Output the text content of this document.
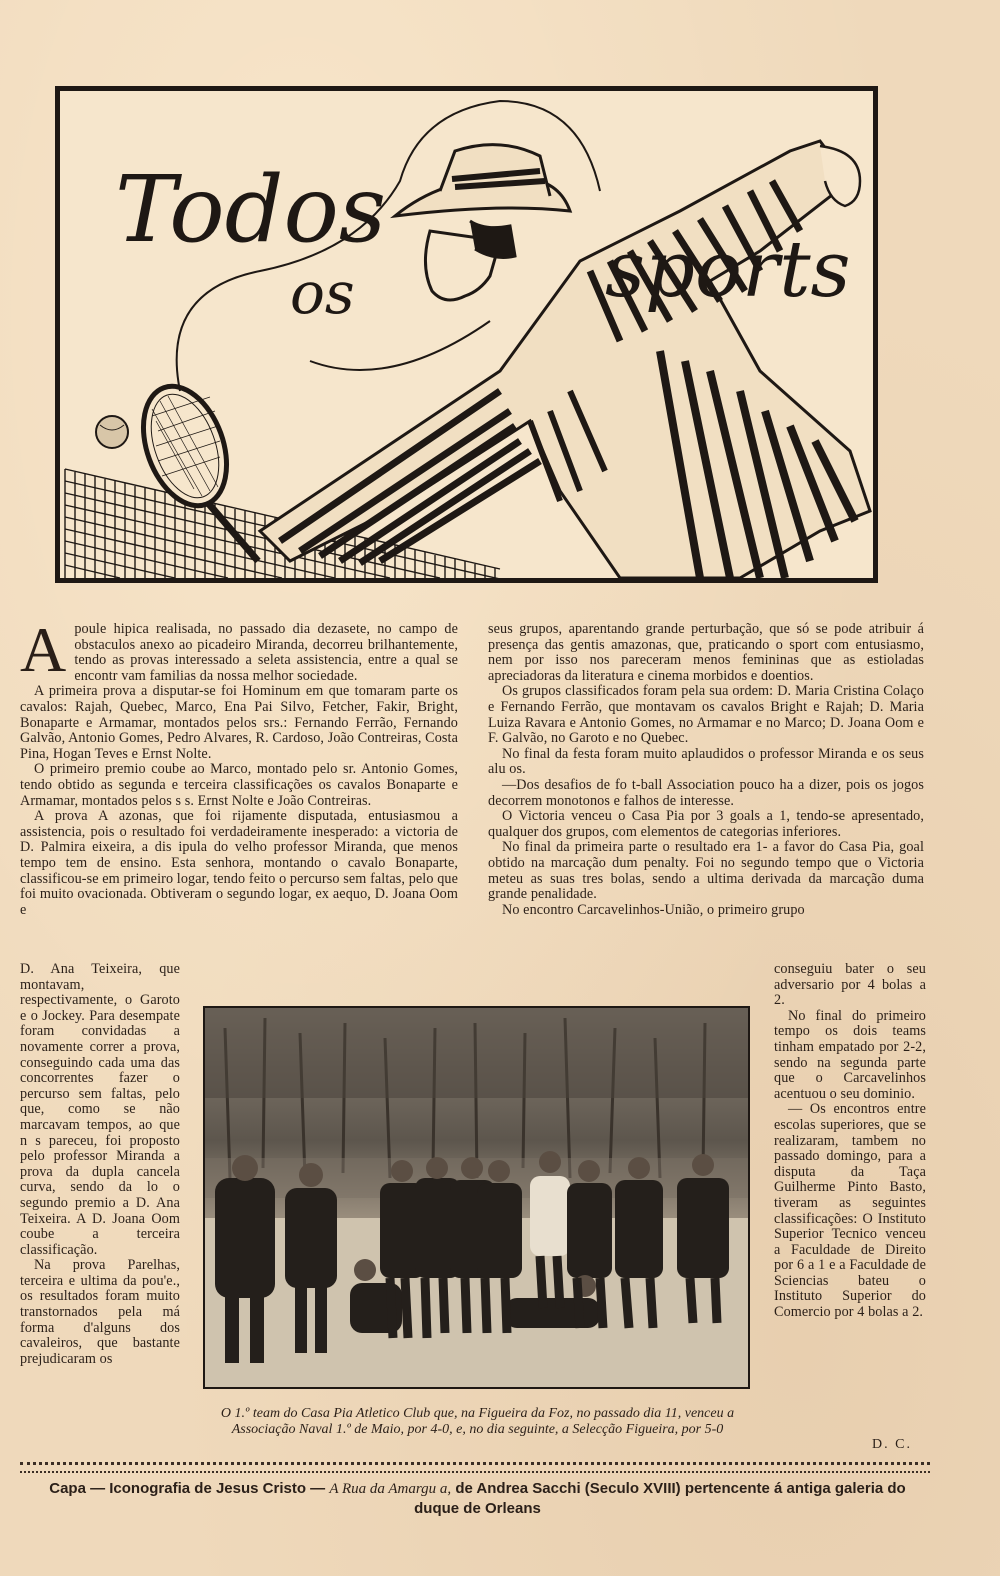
Todos
os	sports
A poule hipica realisada, no passado dia dezasete, no campo de obstaculos anexo ao picadeiro Miranda, decorreu brilhantemente, tendo as provas interessado a seleta assistencia, entre a qual se encontr vam familias da nossa melhor sociedade.

A primeira prova a disputar-se foi Hominum em que tomaram parte os cavalos: Rajah, Quebec, Marco, Ena Pai Silvo, Fetcher, Fakir, Bright, Bonaparte e Armamar, montados pelos srs.: Fernando Ferrão, Fernando Galvão, Antonio Gomes, Pedro Alvares, R. Cardoso, João Contreiras, Costa Pina, Hogan Teves e Ernst Nolte.

O primeiro premio coube ao Marco, montado pelo sr. Antonio Gomes, tendo obtido as segunda e terceira classificações os cavalos Bonaparte e Armamar, montados pelos s s. Ernst Nolte e João Contreiras.

A prova A azonas, que foi rijamente disputada, entusiasmou a assistencia, pois o resultado foi verdadeiramente inesperado: a victoria de D. Palmira eixeira, a dis ipula do velho professor Miranda, que menos tempo tem de ensino. Esta senhora, montando o cavalo Bonaparte, classificou-se em primeiro logar, tendo feito o percurso sem faltas, pelo que foi muito ovacionada. Obtiveram o segundo logar, ex aequo, D. Joana Oom e

seus grupos, aparentando grande perturbação, que só se pode atribuir á presença das gentis amazonas, que, praticando o sport com entusiasmo, nem por isso nos pareceram menos femininas que as estioladas apreciadoras da literatura e cinema morbidos e doentios.

Os grupos classificados foram pela sua ordem: D. Maria Cristina Colaço e Fernando Ferrão, que montavam os cavalos Bright e Rajah; D. Maria Luiza Ravara e Antonio Gomes, no Armamar e no Marco; D. Joana Oom e F. Galvão, no Garoto e no Quebec.

No final da festa foram muito aplaudidos o professor Miranda e os seus alu os.

—Dos desafios de fo t-ball Association pouco ha a dizer, pois os jogos decorrem monotonos e falhos de interesse.

O Victoria venceu o Casa Pia por 3 goals a 1, tendo-se apresentado, qualquer dos grupos, com elementos de categorias inferiores.

No final da primeira parte o resultado era 1- a favor do Casa Pia, goal obtido na marcação dum penalty. Foi no segundo tempo que o Victoria meteu as suas tres bolas, sendo a ultima derivada da marcação duma grande penalidade.

No encontro Carcavelinhos-União, o primeiro grupo

D. Ana Teixeira, que montavam, respectivamente, o Garoto e o Jockey. Para desempate foram convidadas a novamente correr a prova, conseguindo cada uma das concorrentes fazer o percurso sem faltas, pelo que, como se não marcavam tempos, ao que n s pareceu, foi proposto pelo professor Miranda a prova da dupla cancela curva, sendo da lo o segundo premio a D. Ana Teixeira. A D. Joana Oom coube a terceira classificação.

Na prova Parelhas, terceira e ultima da pou'e., os resultados foram muito transtornados pela má forma d'alguns dos cavaleiros, que bastante prejudicaram os

conseguiu bater o seu adversario por 4 bolas a 2.

No final do primeiro tempo os dois teams tinham empatado por 2-2, sendo na segunda parte que o Carcavelinhos acentuou o seu dominio.

— Os encontros entre escolas superiores, que se realizaram, tambem no passado domingo, para a disputa da Taça Guilherme Pinto Basto, tiveram as seguintes classificações: O Instituto Superior Tecnico venceu a Faculdade de Direito por 6 a 1 e a Faculdade de Sciencias bateu o Instituto Superior do Comercio por 4 bolas a 2.

O 1.º team do Casa Pia Atletico Club que, na Figueira da Foz, no passado dia 11, venceu a Associação Naval 1.º de Maio, por 4-0, e, no dia seguinte, a Selecção Figueira, por 5-0
D. C.
Capa — Iconografia de Jesus Cristo — A Rua da Amargu a, de Andrea Sacchi (Seculo XVIII) pertencente á antiga galeria do duque de Orleans
